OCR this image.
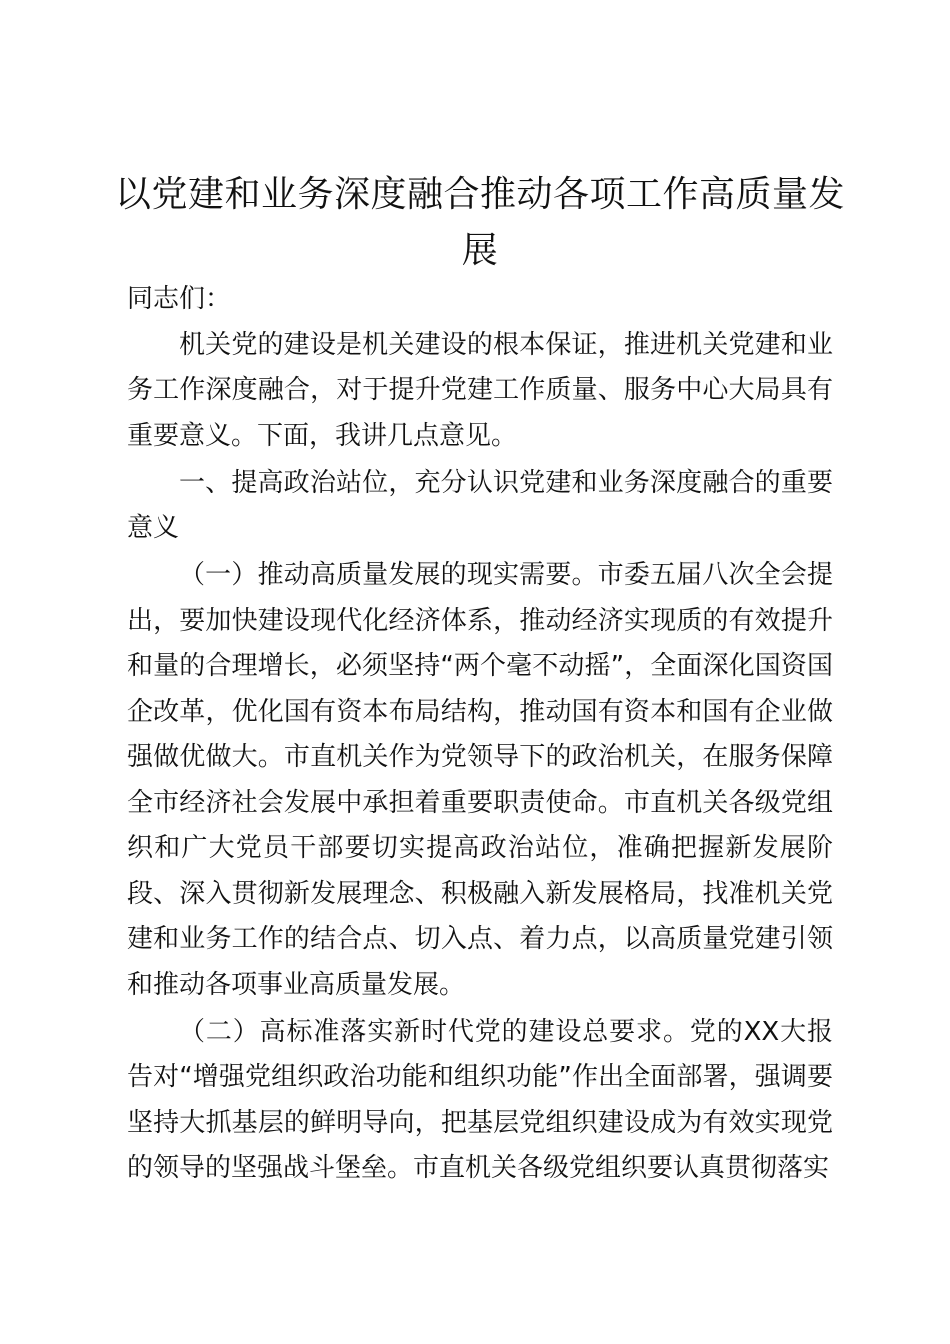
以党建和业务深度融合推动各项工作高质量发展

同志们：

机关党的建设是机关建设的根本保证，推进机关党建和业务工作深度融合，对于提升党建工作质量、服务中心大局具有重要意义。下面，我讲几点意见。

一、提高政治站位，充分认识党建和业务深度融合的重要意义

（一）推动高质量发展的现实需要。市委五届八次全会提出，要加快建设现代化经济体系，推动经济实现质的有效提升和量的合理增长，必须坚持“两个毫不动摇”，全面深化国资国企改革，优化国有资本布局结构，推动国有资本和国有企业做强做优做大。市直机关作为党领导下的政治机关，在服务保障全市经济社会发展中承担着重要职责使命。市直机关各级党组织和广大党员干部要切实提高政治站位，准确把握新发展阶段、深入贯彻新发展理念、积极融入新发展格局，找准机关党建和业务工作的结合点、切入点、着力点，以高质量党建引领和推动各项事业高质量发展。

（二）高标准落实新时代党的建设总要求。党的XX大报告对“增强党组织政治功能和组织功能”作出全面部署，强调要坚持大抓基层的鲜明导向，把基层党组织建设成为有效实现党的领导的坚强战斗堡垒。市直机关各级党组织要认真贯彻落实
